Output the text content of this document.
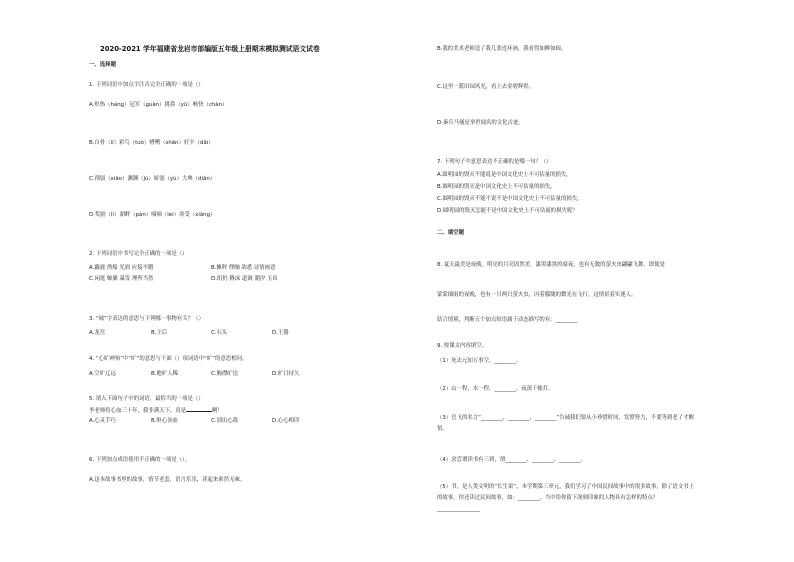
2020-2021 学年福建省龙岩市部编版五年级上册期末模拟测试语文试卷
一、选择题
1. 下列词语中加点字注音完全正确的一项是（）
A.炽热（hánɡ）冠军（ɡuàn）挑鼻（yǔ）畅快（chàn）
B.白骨（lí）彩鸟（tuó）嘈嘈（shān）好歹（dǎi）
C.削弱（xiāo）渊渊（jù）娇弱（yù）大典（diǎn）
D.奖励（lì）湖畔（pàn）嘀嘀（lei）寒受（xiānɡ）
2. 下列词语中书写完全正确的一项是（）
A.藕鹿 渔船 光润 应接不暇	B.摊秤 俚咖 韵悉 诗情画意
C.闲逛 鲸翼 暴发 理所当然	D.组扔 腾沫 道调 潮汐 玉帛
3. “城”字表达的意思与下列哪一事物有关？（）
A.龙宫	B.王后	C.石头	D.王器
4. “心旷神怡”中“旷”的意思与下面（）项词语中“旷”的意思相同。
A.空旷辽远	B.地旷人稀	C.胸襟旷达	D.旷日持久
5. 填入下面句子中的词语，最恰当的一项是（）
李老师将心血三十年，我非满天下，真是	啊！
A.心灵手巧	B.呕心沥血	C.别出心裁	D.心心相印
6. 下列加点成语使用不正确的一项是（）。
A.这本故事书里的故事，情节老套，语言乐乐，读起来索然无味。
B.我的美术老师送了我几张连环画，我看得如醉如痴。
C.这里一派田园风光，看上去金碧辉煌。
D.秦兵马俑是举世闻名的文化古迹。
7. 下列句子中意思表达不正确的是哪一句？（）
A.圆明园的毁灭不能说是中国文化史上不可估量的损失。
B.圆明园的毁灭是中国文化史上不可估量的损失。
C.圆明园的毁灭不能不说不是中国文化史上不可估量的损失。
D.圆明园的毁灭怎能不是中国文化史上不可估量的损失呢？
二、填空题
8. 夏天最美是夜晚。明亮的月亮固然美，漆黑漆黑的暗夜，也有无数的萤火虫翩翩飞舞。即使是
蒙蒙细雨的夜晚，也有一只两只萤火虫，闪着朦胧的微光在飞行，这情景着实迷人。
结合情境，判断五个加点短语属于动态描写的有：________
9. 按课文内容填空。
（1）死去元知万事空，________。
（2）山一程，水一程，________，夜深千帐灯。
（3）岳飞的名言“________，________，________”告诫我们要从小珍惜时间，发愤努力，不要等到老了才醒
悟。
（4）余尝谓读书有三到，谓________、________、________。
（5）书，是人类文明的“长生果”。本学期第三单元，我们学习了中国民间故事中的很多故事，除了语文书上
的故事，你还读过民间故事，如：________，当中给你留下深刻印象的人物具有怎样的特点？
________________
